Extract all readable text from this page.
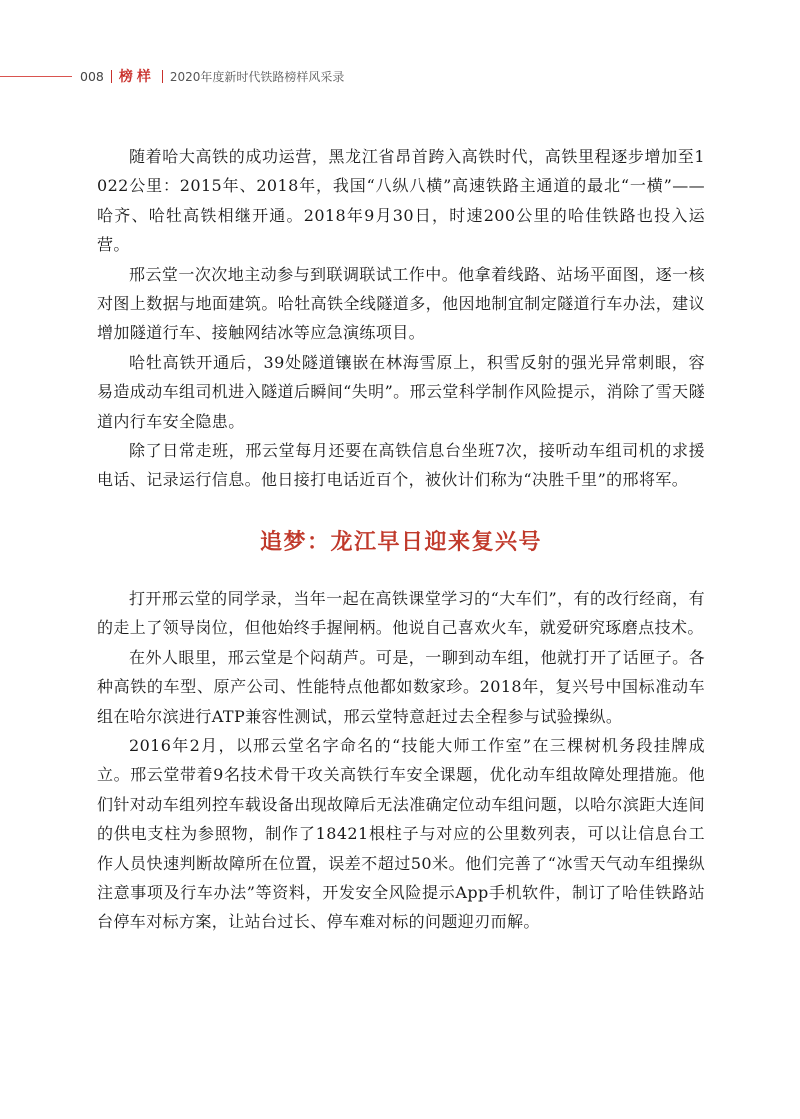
008 榜样 2020年度新时代铁路榜样风采录

随着哈大高铁的成功运营，黑龙江省昂首跨入高铁时代，高铁里程逐步增加至1 022公里：2015年、2018年，我国“八纵八横”高速铁路主通道的最北“一横”——哈齐、哈牡高铁相继开通。2018年9月30日，时速200公里的哈佳铁路也投入运营。

邢云堂一次次地主动参与到联调联试工作中。他拿着线路、站场平面图，逐一核对图上数据与地面建筑。哈牡高铁全线隧道多，他因地制宜制定隧道行车办法，建议增加隧道行车、接触网结冰等应急演练项目。

哈牡高铁开通后，39处隧道镶嵌在林海雪原上，积雪反射的强光异常刺眼，容易造成动车组司机进入隧道后瞬间“失明”。邢云堂科学制作风险提示，消除了雪天隧道内行车安全隐患。

除了日常走班，邢云堂每月还要在高铁信息台坐班7次，接听动车组司机的求援电话、记录运行信息。他日接打电话近百个，被伙计们称为“决胜千里”的邢将军。

追梦：龙江早日迎来复兴号

打开邢云堂的同学录，当年一起在高铁课堂学习的“大车们”，有的改行经商，有的走上了领导岗位，但他始终手握闸柄。他说自己喜欢火车，就爱研究琢磨点技术。

在外人眼里，邢云堂是个闷葫芦。可是，一聊到动车组，他就打开了话匣子。各种高铁的车型、原产公司、性能特点他都如数家珍。2018年，复兴号中国标准动车组在哈尔滨进行ATP兼容性测试，邢云堂特意赶过去全程参与试验操纵。

2016年2月，以邢云堂名字命名的“技能大师工作室”在三棵树机务段挂牌成立。邢云堂带着9名技术骨干攻关高铁行车安全课题，优化动车组故障处理措施。他们针对动车组列控车载设备出现故障后无法准确定位动车组问题，以哈尔滨距大连间的供电支柱为参照物，制作了18421根柱子与对应的公里数列表，可以让信息台工作人员快速判断故障所在位置，误差不超过50米。他们完善了“冰雪天气动车组操纵注意事项及行车办法”等资料，开发安全风险提示App手机软件，制订了哈佳铁路站台停车对标方案，让站台过长、停车难对标的问题迎刃而解。
